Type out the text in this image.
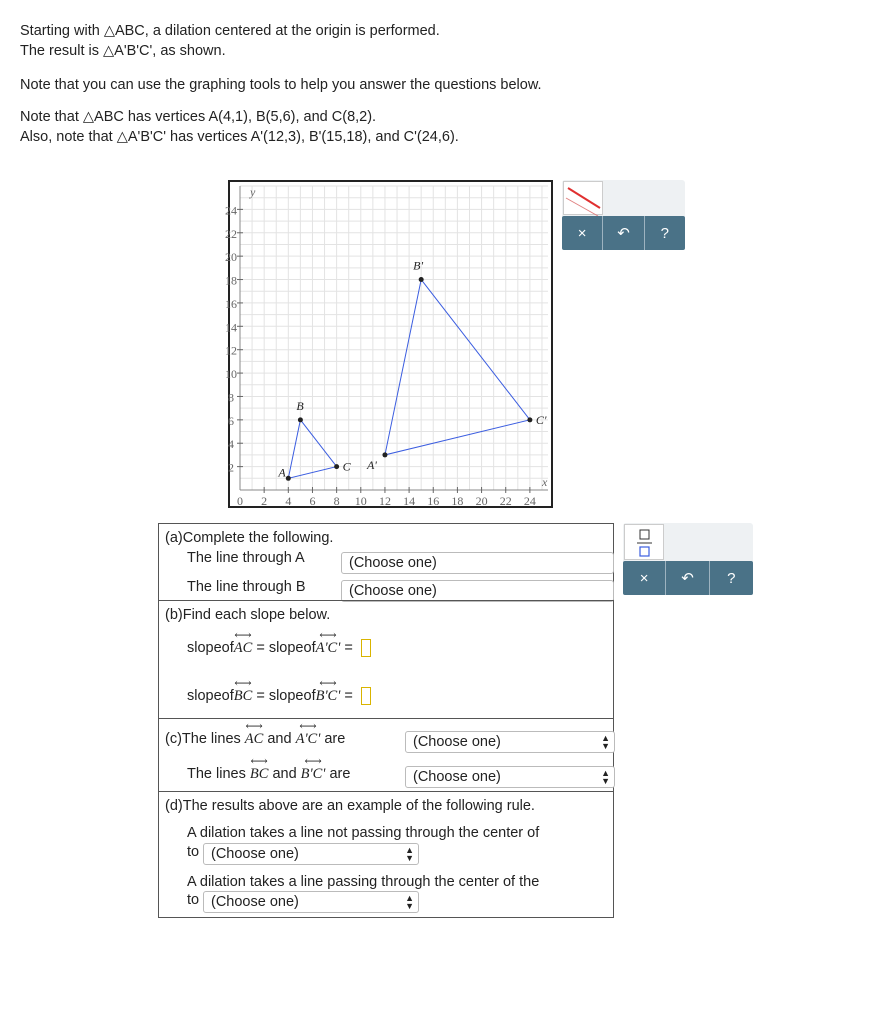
Starting with △ABC, a dilation centered at the origin is performed.
The result is △A'B'C', as shown.
Note that you can use the graphing tools to help you answer the questions below.
Note that △ABC has vertices A(4,1), B(5,6), and C(8,2).
Also, note that △A'B'C' has vertices A'(12,3), B'(15,18), and C'(24,6).
2 4 6 8 10 12 14 16 18 20 22 24
2
4
6
8
10
12
14
16
18
20
22
24
0
y
x
A
B
C A'
B'
C'
×	↶	?
×	↶	?
(a)Complete the following.
The line through A	(Choose one)
The line through B	(Choose one)
(b)Find each slope below.
slopeof⟷ AC = slopeof⟷ A'C' =
slopeof⟷ BC = slopeof⟷ B'C' =
(c)The lines ⟷ AC and ⟷ A'C' are	(Choose one)	▲
▼
The lines ⟷ BC and ⟷ B'C' are	(Choose one)	▲
▼
(d)The results above are an example of the following rule.
A dilation takes a line not passing through the center of
to (Choose one)	▲
▼
A dilation takes a line passing through the center of the
to (Choose one)	▲
▼
